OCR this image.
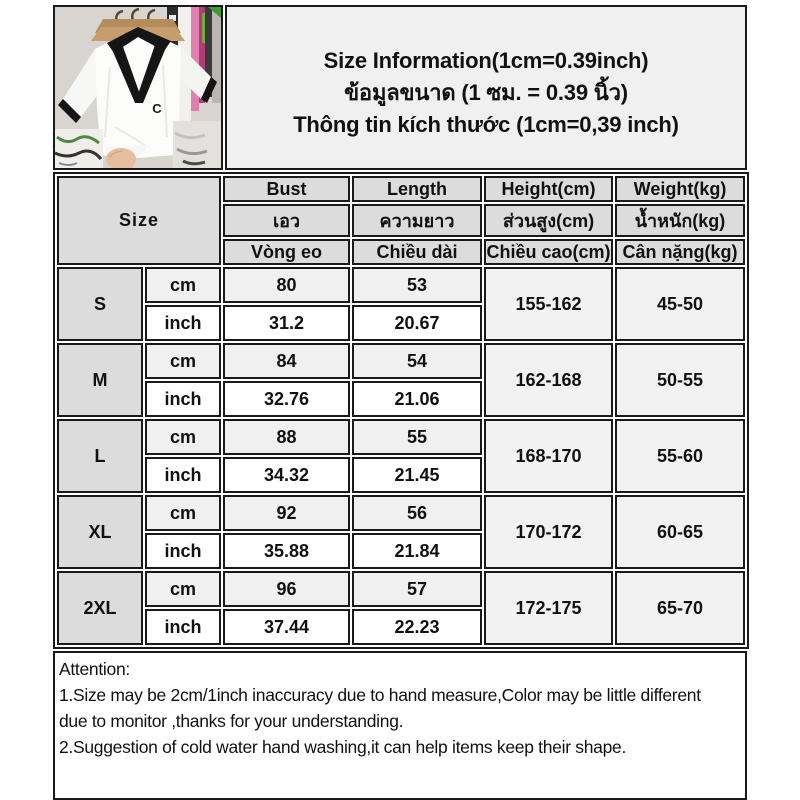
C
Size Information(1cm=0.39inch)
ข้อมูลขนาด (1 ซม. = 0.39 นิ้ว)
Thông tin kích thước (1cm=0,39 inch)
Size		Bust	Length	Height(cm)	Weight(kg)
		เอว	ความยาว	ส่วนสูง(cm)	น้ำหนัก(kg)
		Vòng eo	Chiều dài	Chiều cao(cm)	Cân nặng(kg)
S	cm	80	53	155-162	45-50
	inch	31.2	20.67		
M	cm	84	54	162-168	50-55
	inch	32.76	21.06		
L	cm	88	55	168-170	55-60
	inch	34.32	21.45		
XL	cm	92	56	170-172	60-65
	inch	35.88	21.84		
2XL	cm	96	57	172-175	65-70
	inch	37.44	22.23		
Attention:
1.Size may be 2cm/1inch inaccuracy due to hand measure,Color may be little different
due to monitor ,thanks for your understanding.
2.Suggestion of cold water hand washing,it can help items keep their shape.
